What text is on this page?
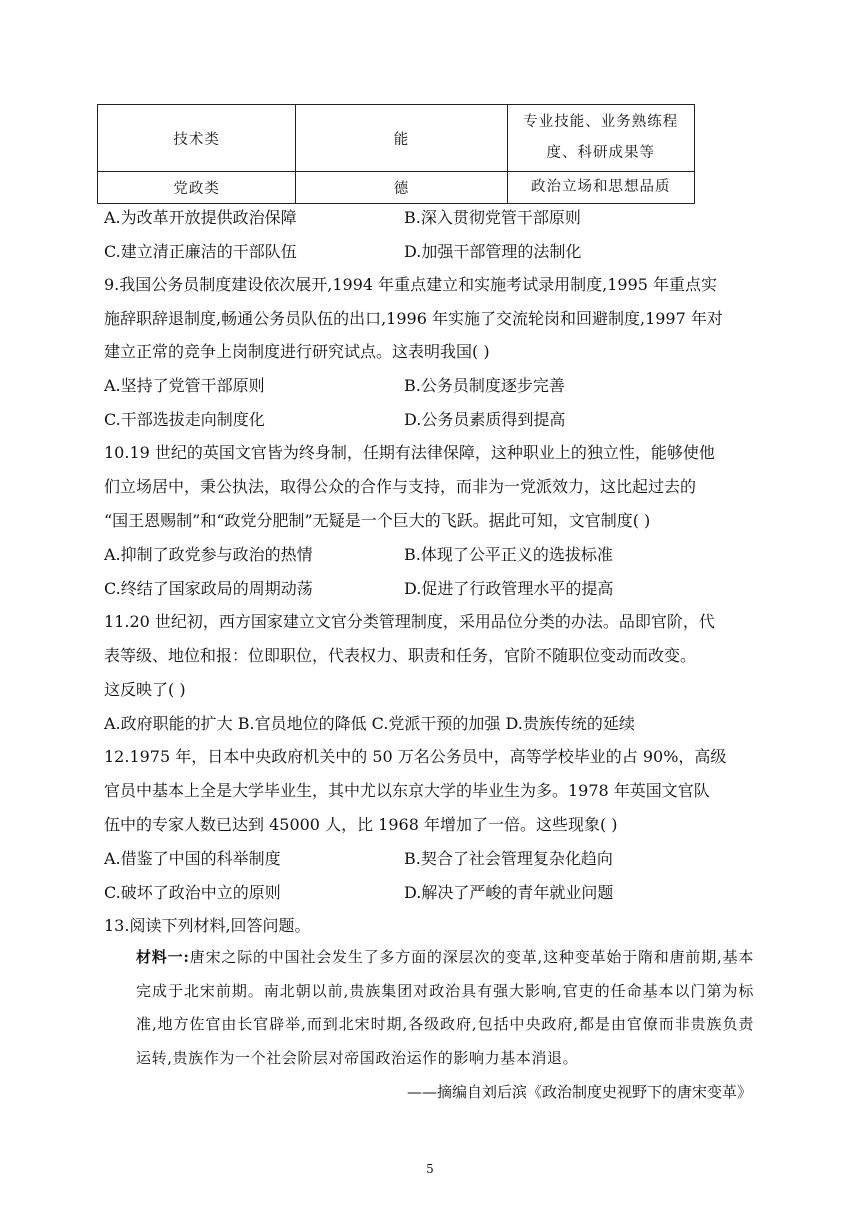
技术类	能	专业技能、业务熟练程
度、科研成果等

党政类	德	政治立场和思想品质
A.为改革开放提供政治保障	B.深入贯彻党管干部原则
C.建立清正廉洁的干部队伍	D.加强干部管理的法制化
9.我国公务员制度建设依次展开,1994 年重点建立和实施考试录用制度,1995 年重点实
施辞职辞退制度,畅通公务员队伍的出口,1996 年实施了交流轮岗和回避制度,1997 年对
建立正常的竞争上岗制度进行研究试点。这表明我国( )
A.坚持了党管干部原则	B.公务员制度逐步完善
C.干部选拔走向制度化	D.公务员素质得到提高
10.19 世纪的英国文官皆为终身制，任期有法律保障，这种职业上的独立性，能够使他
们立场居中，秉公执法，取得公众的合作与支持，而非为一党派效力，这比起过去的
“国王恩赐制”和“政党分肥制”无疑是一个巨大的飞跃。据此可知，文官制度( )
A.抑制了政党参与政治的热情	B.体现了公平正义的选拔标准
C.终结了国家政局的周期动荡	D.促进了行政管理水平的提高
11.20 世纪初，西方国家建立文官分类管理制度，采用品位分类的办法。品即官阶，代
表等级、地位和报：位即职位，代表权力、职责和任务，官阶不随职位变动而改变。
这反映了( )
A.政府职能的扩大 B.官员地位的降低 C.党派干预的加强 D.贵族传统的延续
12.1975 年，日本中央政府机关中的 50 万名公务员中，高等学校毕业的占 90%，高级
官员中基本上全是大学毕业生，其中尤以东京大学的毕业生为多。1978 年英国文官队
伍中的专家人数已达到 45000 人，比 1968 年增加了一倍。这些现象( )
A.借鉴了中国的科举制度	B.契合了社会管理复杂化趋向
C.破坏了政治中立的原则	D.解决了严峻的青年就业问题
13.阅读下列材料,回答问题。
材料一:唐宋之际的中国社会发生了多方面的深层次的变革,这种变革始于隋和唐前期,基本完成于北宋前期。南北朝以前,贵族集团对政治具有强大影响,官吏的任命基本以门第为标准,地方佐官由长官辟举,而到北宋时期,各级政府,包括中央政府,都是由官僚而非贵族负责运转,贵族作为一个社会阶层对帝国政治运作的影响力基本消退。
——摘编自刘后滨《政治制度史视野下的唐宋变革》
5
